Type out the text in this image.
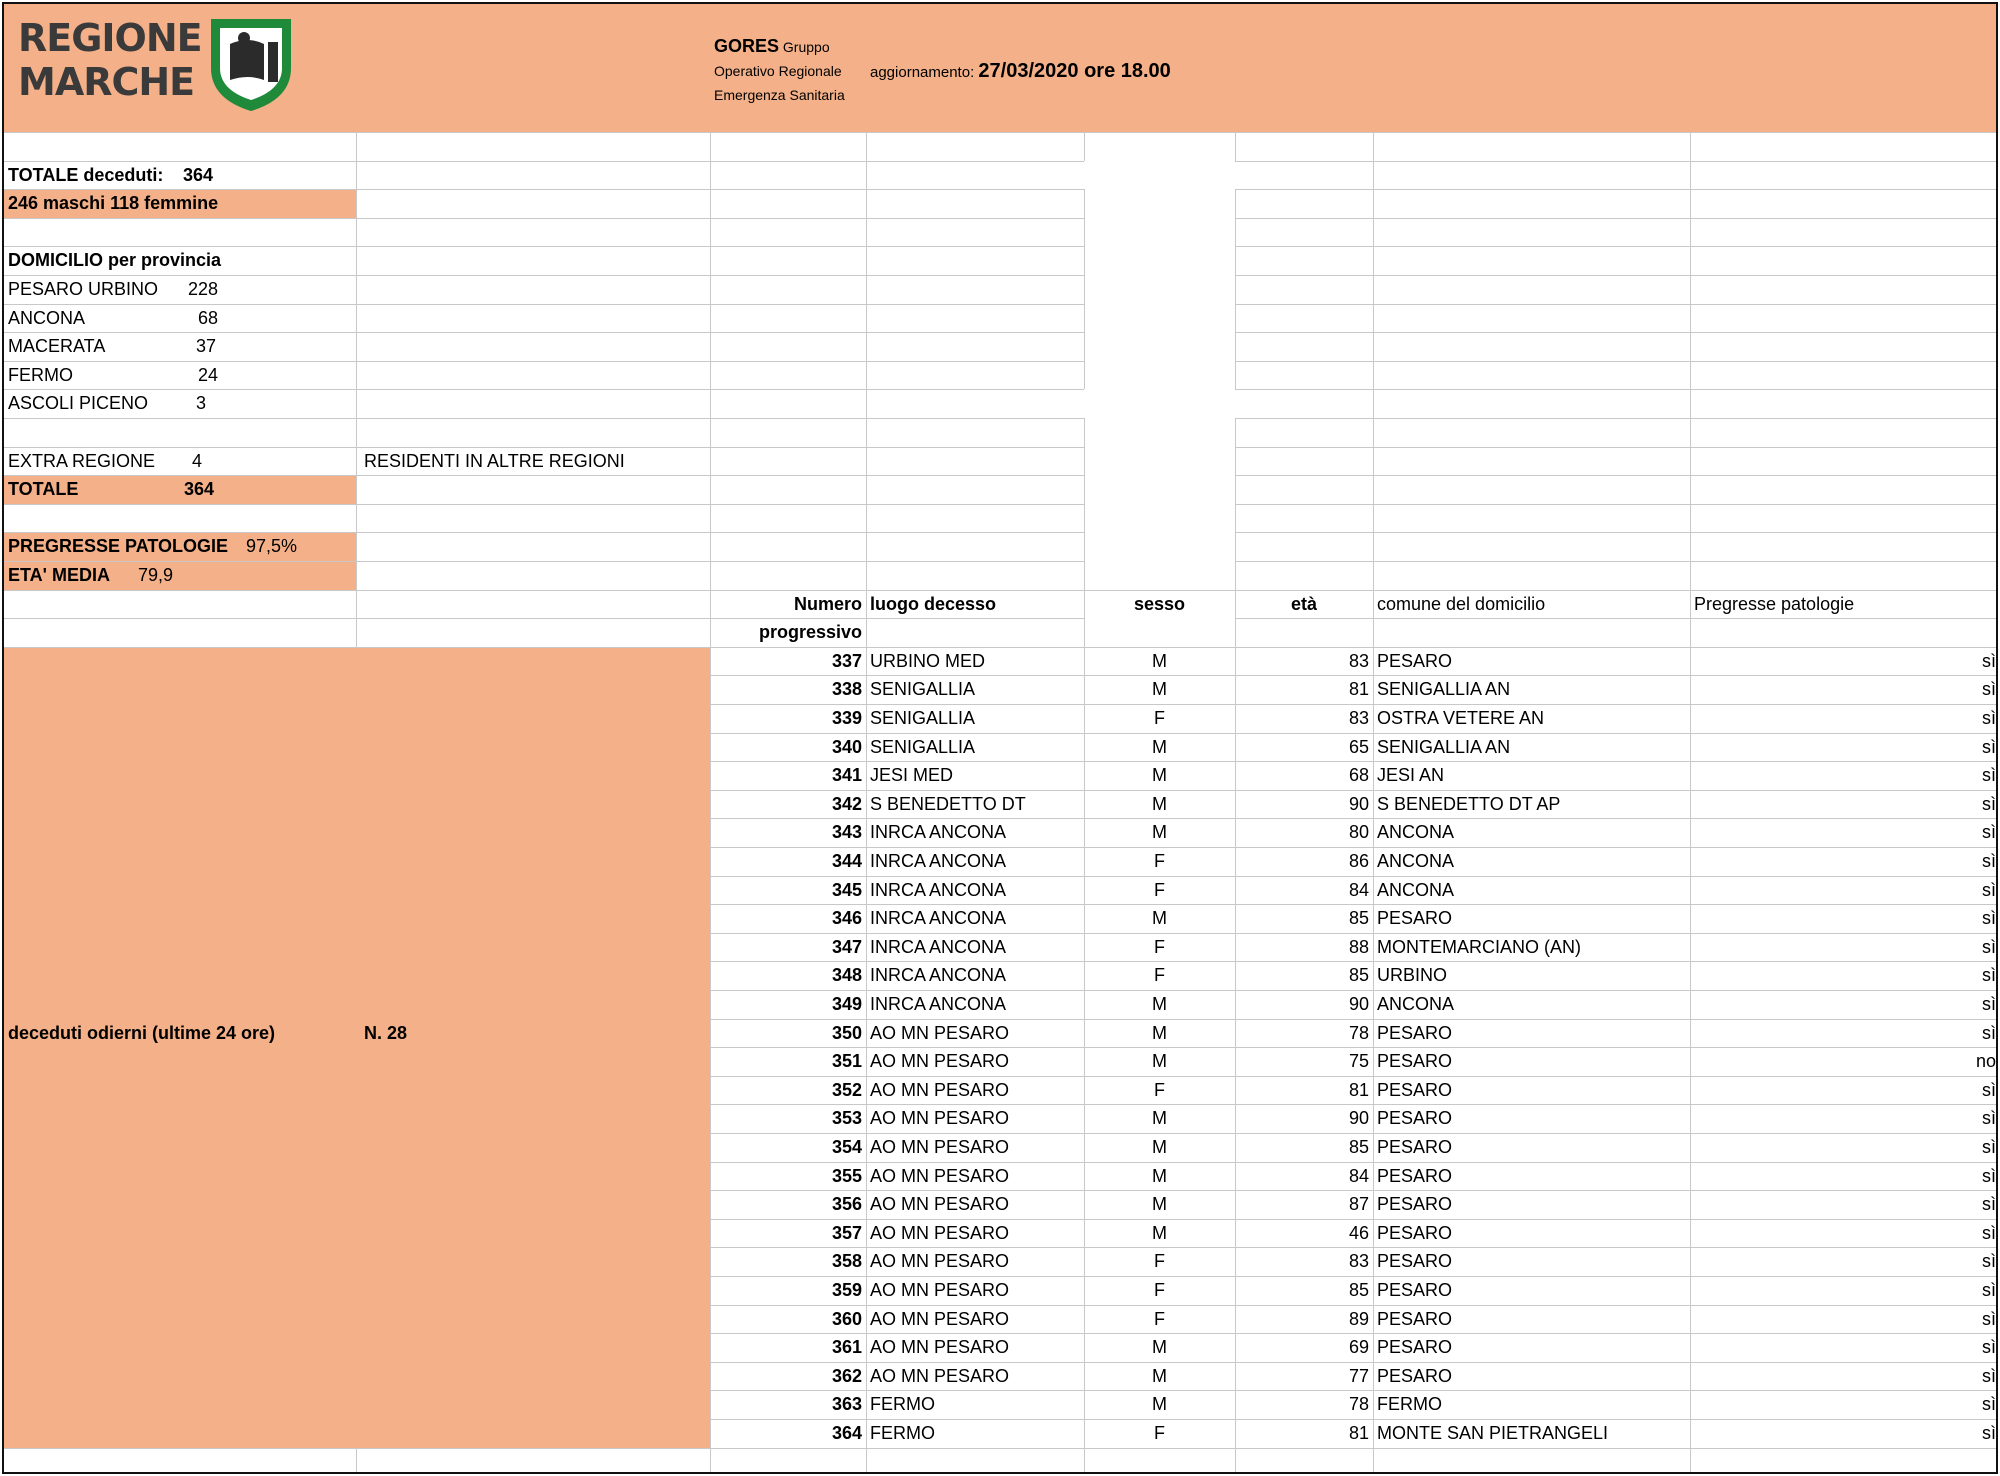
REGIONE
MARCHE
GORES Gruppo
Operativo Regionale
Emergenza Sanitaria
aggiornamento: 27/03/2020 ore 18.00
TOTALE deceduti:	364
246 maschi 118 femmine
DOMICILIO per provincia
PESARO URBINO	228
ANCONA	68
MACERATA	37
FERMO	24
ASCOLI PICENO	3
EXTRA REGIONE	4	RESIDENTI IN ALTRE REGIONI
TOTALE	364
PREGRESSE PATOLOGIE 97,5%
ETA' MEDIA	79,9
deceduti odierni (ultime 24 ore)	N. 28
Numero
progressivo
luogo decesso	sesso	età	comune del domicilio	Pregresse patologie
337 URBINO MED	M	83 PESARO	sì
338 SENIGALLIA	M	81 SENIGALLIA AN	sì
339 SENIGALLIA	F	83 OSTRA VETERE AN	sì
340 SENIGALLIA	M	65 SENIGALLIA AN	sì
341 JESI MED	M	68 JESI AN	sì
342 S BENEDETTO DT	M	90 S BENEDETTO DT AP	sì
343 INRCA ANCONA	M	80 ANCONA	sì
344 INRCA ANCONA	F	86 ANCONA	sì
345 INRCA ANCONA	F	84 ANCONA	sì
346 INRCA ANCONA	M	85 PESARO	sì
347 INRCA ANCONA	F	88 MONTEMARCIANO (AN)	sì
348 INRCA ANCONA	F	85 URBINO	sì
349 INRCA ANCONA	M	90 ANCONA	sì
350 AO MN PESARO	M	78 PESARO	sì
351 AO MN PESARO	M	75 PESARO	no
352 AO MN PESARO	F	81 PESARO	sì
353 AO MN PESARO	M	90 PESARO	sì
354 AO MN PESARO	M	85 PESARO	sì
355 AO MN PESARO	M	84 PESARO	sì
356 AO MN PESARO	M	87 PESARO	sì
357 AO MN PESARO	M	46 PESARO	sì
358 AO MN PESARO	F	83 PESARO	sì
359 AO MN PESARO	F	85 PESARO	sì
360 AO MN PESARO	F	89 PESARO	sì
361 AO MN PESARO	M	69 PESARO	sì
362 AO MN PESARO	M	77 PESARO	sì
363 FERMO	M	78 FERMO	sì
364 FERMO	F	81 MONTE SAN PIETRANGELI	sì
